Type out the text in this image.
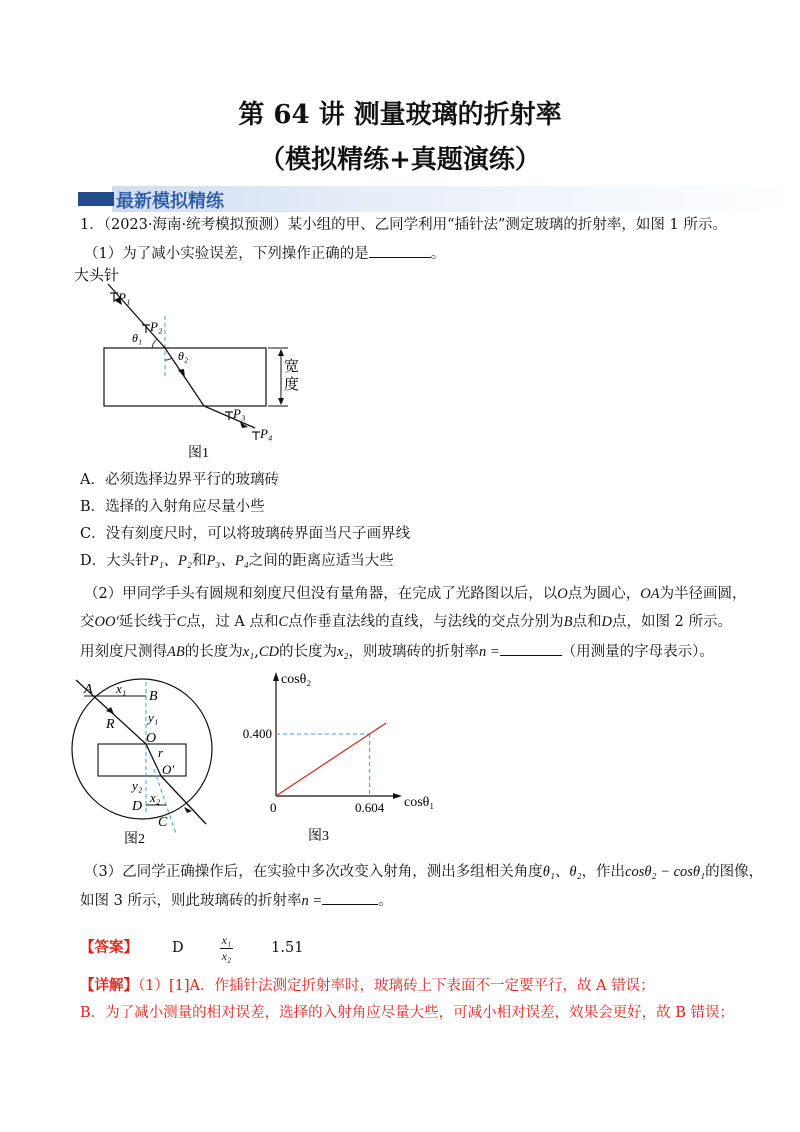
第 64 讲 测量玻璃的折射率
（模拟精练+真题演练）
最新模拟精练
1．（2023·海南·统考模拟预测）某小组的甲、乙同学利用“插针法”测定玻璃的折射率，如图 1 所示。
（1）为了减小实验误差，下列操作正确的是	。
大头针
P₁
P₂
P₃
P₄
θ₁
θ₂
宽
度
图1
A．必须选择边界平行的玻璃砖
B．选择的入射角应尽量小些
C．没有刻度尺时，可以将玻璃砖界面当尺子画界线
D．大头针P₁、P₂和P₃、P₄之间的距离应适当大些
（2）甲同学手头有圆规和刻度尺但没有量角器，在完成了光路图以后，以O点为圆心，OA为半径画圆，
交OO′延长线于C点，过 A 点和C点作垂直法线的直线，与法线的交点分别为B点和D点，如图 2 所示。
用刻度尺测得AB的长度为x₁,CD的长度为x₂，则玻璃砖的折射率n =	（用测量的字母表示）。
A x₁
B
R	y₁
O
r
O′
y₂
D
x₂
C
图2
cosθ₂
cosθ₁
0	0.604
0.400
图3
（3）乙同学正确操作后，在实验中多次改变入射角，测出多组相关角度θ₁、θ₂，作出cosθ₂ − cosθ₁的图像，
如图 3 所示，则此玻璃砖的折射率n =	。
【答案】 D	$\frac{\text{x₁}}{\text{x₂}}$	1.51
【详解】（1）[1]A．作插针法测定折射率时，玻璃砖上下表面不一定要平行，故 A 错误；
B．为了减小测量的相对误差，选择的入射角应尽量大些，可减小相对误差，效果会更好，故 B 错误；
